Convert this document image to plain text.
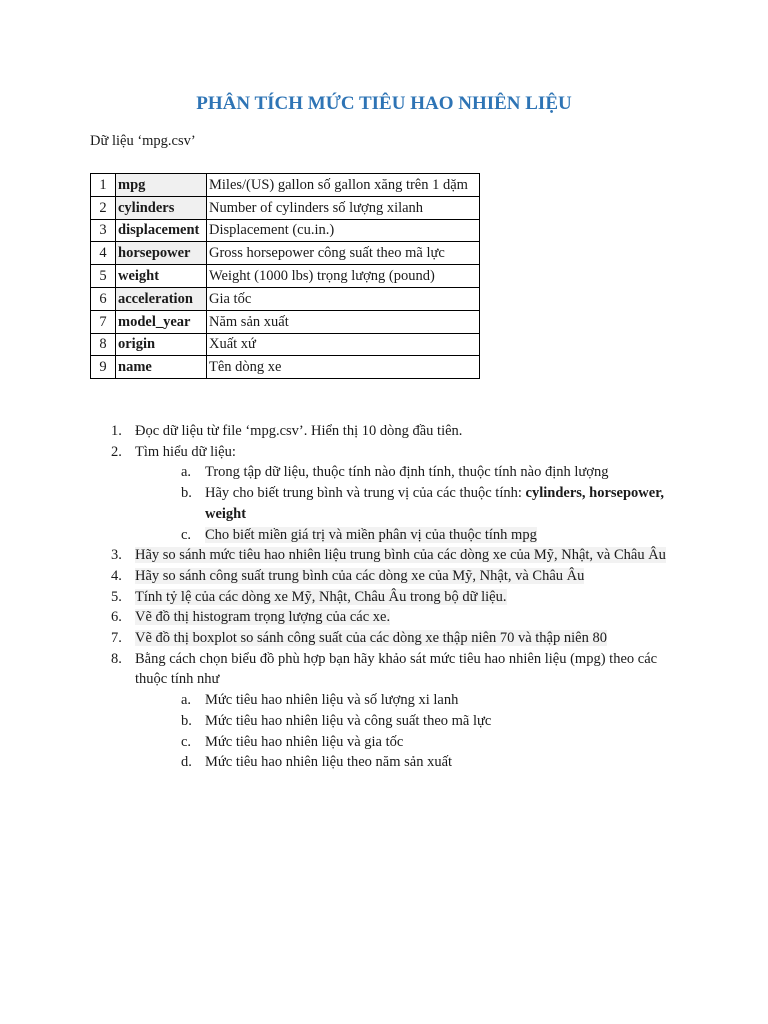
PHÂN TÍCH MỨC TIÊU HAO NHIÊN LIỆU
Dữ liệu ‘mpg.csv’
1	mpg	Miles/(US) gallon số gallon xăng trên 1 dặm
2	cylinders	Number of cylinders số lượng xilanh
3	displacement	Displacement (cu.in.)
4	horsepower	Gross horsepower công suất theo mã lực
5	weight	Weight (1000 lbs) trọng lượng (pound)
6	acceleration	Gia tốc
7	model_year	Năm sản xuất
8	origin	Xuất xứ
9	name	Tên dòng xe
1. Đọc dữ liệu từ file ‘mpg.csv’. Hiển thị 10 dòng đầu tiên.
2. Tìm hiểu dữ liệu:
a. Trong tập dữ liệu, thuộc tính nào định tính, thuộc tính nào định lượng
b. Hãy cho biết trung bình và trung vị của các thuộc tính: cylinders, horsepower, weight
c. Cho biết miền giá trị và miền phân vị của thuộc tính mpg
3. Hãy so sánh mức tiêu hao nhiên liệu trung bình của các dòng xe của Mỹ, Nhật, và Châu Âu
4. Hãy so sánh công suất trung bình của các dòng xe của Mỹ, Nhật, và Châu Âu
5. Tính tỷ lệ của các dòng xe Mỹ, Nhật, Châu Âu trong bộ dữ liệu.
6. Vẽ đồ thị histogram trọng lượng của các xe.
7. Vẽ đồ thị boxplot so sánh công suất của các dòng xe thập niên 70 và thập niên 80
8. Bằng cách chọn biểu đồ phù hợp bạn hãy khảo sát mức tiêu hao nhiên liệu (mpg) theo các thuộc tính như
a. Mức tiêu hao nhiên liệu và số lượng xi lanh
b. Mức tiêu hao nhiên liệu và công suất theo mã lực
c. Mức tiêu hao nhiên liệu và gia tốc
d. Mức tiêu hao nhiên liệu theo năm sản xuất
